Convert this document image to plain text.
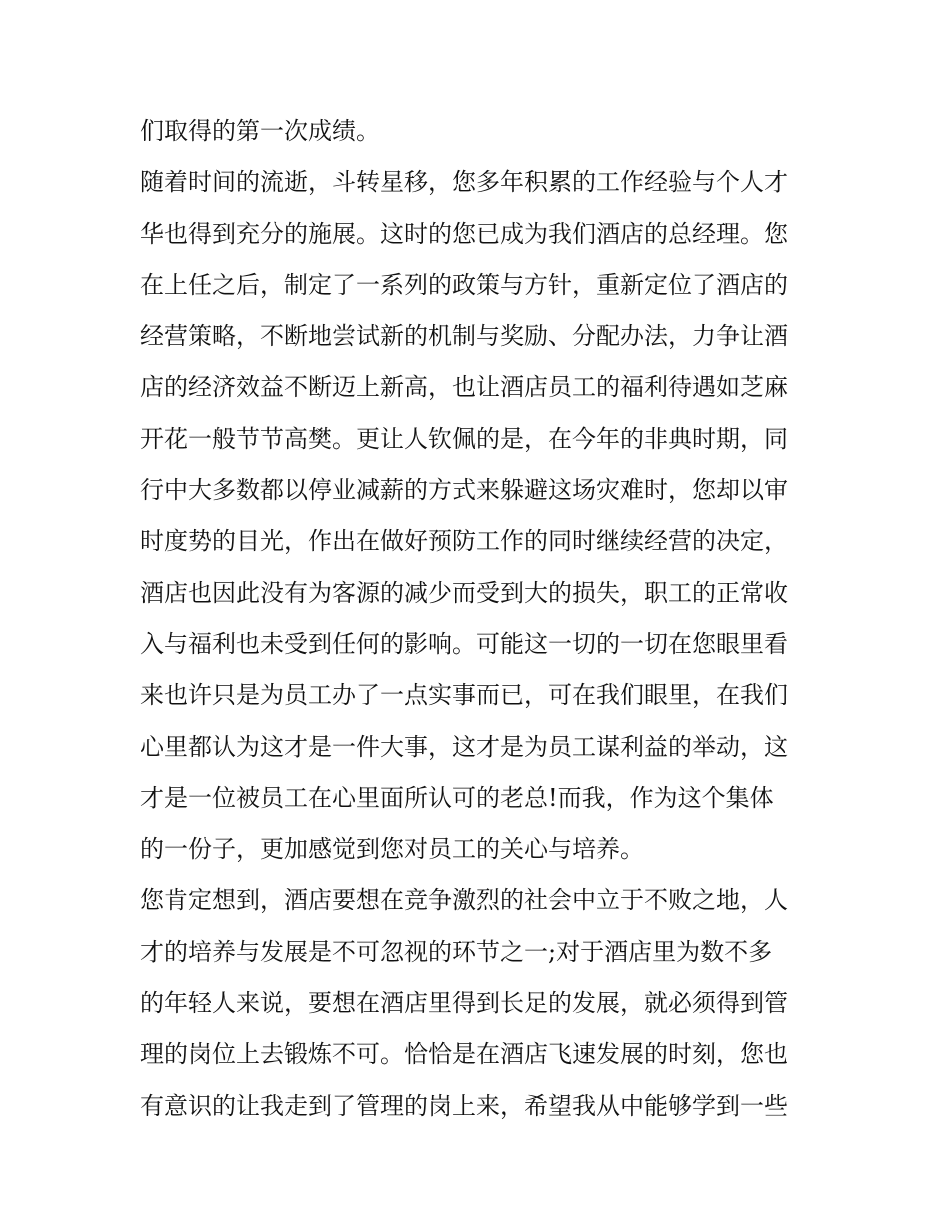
们取得的第一次成绩。

随着时间的流逝，斗转星移，您多年积累的工作经验与个人才

华也得到充分的施展。这时的您已成为我们酒店的总经理。您

在上任之后，制定了一系列的政策与方针，重新定位了酒店的

经营策略，不断地尝试新的机制与奖励、分配办法，力争让酒

店的经济效益不断迈上新高，也让酒店员工的福利待遇如芝麻

开花一般节节高樊。更让人钦佩的是，在今年的非典时期，同

行中大多数都以停业减薪的方式来躲避这场灾难时，您却以审

时度势的目光，作出在做好预防工作的同时继续经营的决定，

酒店也因此没有为客源的减少而受到大的损失，职工的正常收

入与福利也未受到任何的影响。可能这一切的一切在您眼里看

来也许只是为员工办了一点实事而已，可在我们眼里，在我们

心里都认为这才是一件大事，这才是为员工谋利益的举动，这

才是一位被员工在心里面所认可的老总!而我，作为这个集体

的一份子，更加感觉到您对员工的关心与培养。

您肯定想到，酒店要想在竞争激烈的社会中立于不败之地，人

才的培养与发展是不可忽视的环节之一;对于酒店里为数不多

的年轻人来说，要想在酒店里得到长足的发展，就必须得到管

理的岗位上去锻炼不可。恰恰是在酒店飞速发展的时刻，您也

有意识的让我走到了管理的岗上来，希望我从中能够学到一些
